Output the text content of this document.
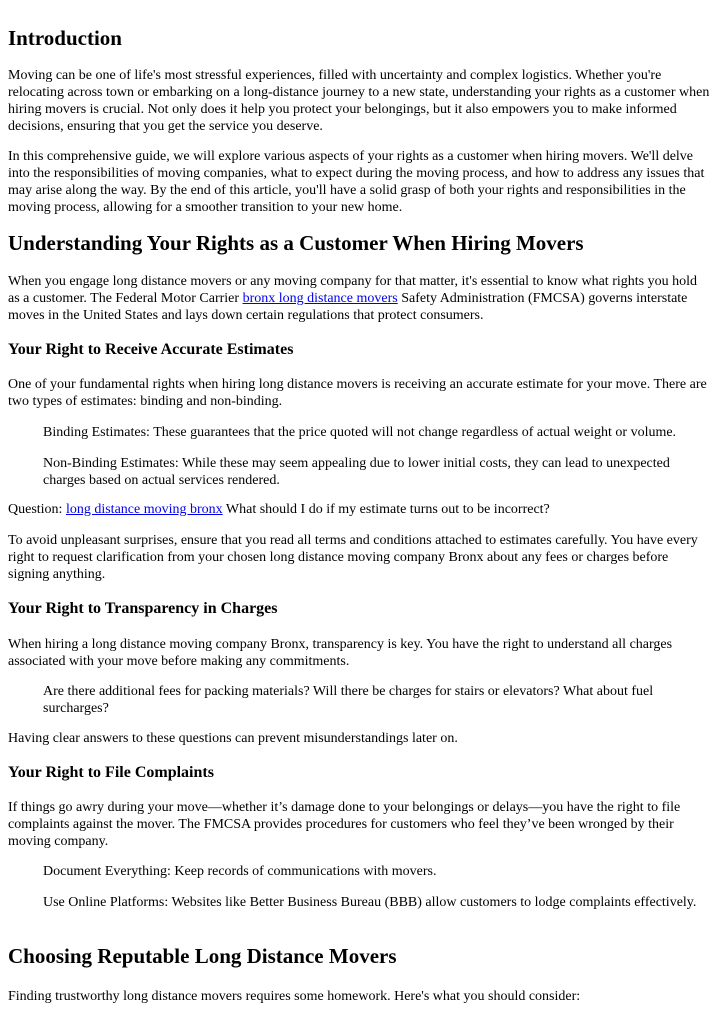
Introduction

Moving can be one of life's most stressful experiences, filled with uncertainty and complex logistics. Whether you're relocating across town or embarking on a long-distance journey to a new state, understanding your rights as a customer when hiring movers is crucial. Not only does it help you protect your belongings, but it also empowers you to make informed decisions, ensuring that you get the service you deserve.

In this comprehensive guide, we will explore various aspects of your rights as a customer when hiring movers. We'll delve into the responsibilities of moving companies, what to expect during the moving process, and how to address any issues that may arise along the way. By the end of this article, you'll have a solid grasp of both your rights and responsibilities in the moving process, allowing for a smoother transition to your new home.

Understanding Your Rights as a Customer When Hiring Movers

When you engage long distance movers or any moving company for that matter, it's essential to know what rights you hold as a customer. The Federal Motor Carrier bronx long distance movers Safety Administration (FMCSA) governs interstate moves in the United States and lays down certain regulations that protect consumers.

Your Right to Receive Accurate Estimates

One of your fundamental rights when hiring long distance movers is receiving an accurate estimate for your move. There are two types of estimates: binding and non-binding.

Binding Estimates: These guarantees that the price quoted will not change regardless of actual weight or volume.

Non-Binding Estimates: While these may seem appealing due to lower initial costs, they can lead to unexpected charges based on actual services rendered.

Question: long distance moving bronx What should I do if my estimate turns out to be incorrect?

To avoid unpleasant surprises, ensure that you read all terms and conditions attached to estimates carefully. You have every right to request clarification from your chosen long distance moving company Bronx about any fees or charges before signing anything.

Your Right to Transparency in Charges

When hiring a long distance moving company Bronx, transparency is key. You have the right to understand all charges associated with your move before making any commitments.

Are there additional fees for packing materials? Will there be charges for stairs or elevators? What about fuel surcharges?

Having clear answers to these questions can prevent misunderstandings later on.

Your Right to File Complaints

If things go awry during your move—whether it’s damage done to your belongings or delays—you have the right to file complaints against the mover. The FMCSA provides procedures for customers who feel they’ve been wronged by their moving company.

Document Everything: Keep records of communications with movers.

Use Online Platforms: Websites like Better Business Bureau (BBB) allow customers to lodge complaints effectively.

Choosing Reputable Long Distance Movers

Finding trustworthy long distance movers requires some homework. Here's what you should consider:
